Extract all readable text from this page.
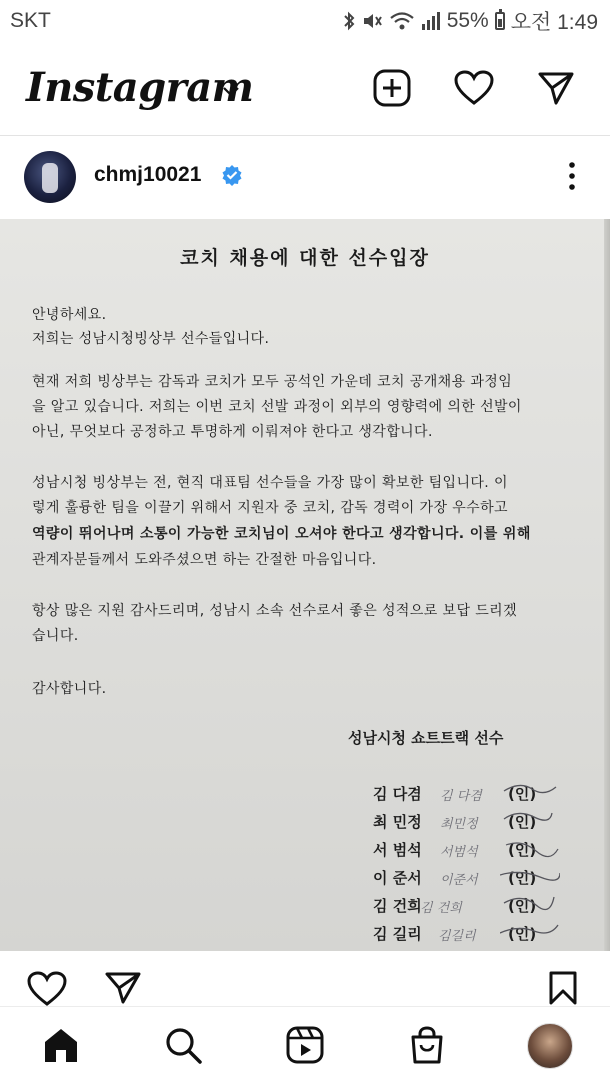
SKT	55% 오전 1:49
Instagram
chmj10021
코치 채용에 대한 선수입장
안녕하세요.
저희는 성남시청빙상부 선수들입니다.
현재 저희 빙상부는 감독과 코치가 모두 공석인 가운데 코치 공개채용 과정임
을 알고 있습니다. 저희는 이번 코치 선발 과정이 외부의 영향력에 의한 선발이
아닌, 무엇보다 공정하고 투명하게 이뤄져야 한다고 생각합니다.
성남시청 빙상부는 전, 현직 대표팀 선수들을 가장 많이 확보한 팀입니다. 이
렇게 훌륭한 팀을 이끌기 위해서 지원자 중 코치, 감독 경력이 가장 우수하고
역량이 뛰어나며 소통이 가능한 코치님이 오셔야 한다고 생각합니다. 이를 위해
관계자분들께서 도와주셨으면 하는 간절한 마음입니다.
항상 많은 지원 감사드리며, 성남시 소속 선수로서 좋은 성적으로 보답 드리겠
습니다.
감사합니다.
성남시청 쇼트트랙 선수
김 다겸 김 다겸 (인)
최 민정 최민정 (인)
서 범석 서범석 (인)
이 준서 이준서 (인)
김 건희
김 건희	(인)
김 길리 김길리 (인)
